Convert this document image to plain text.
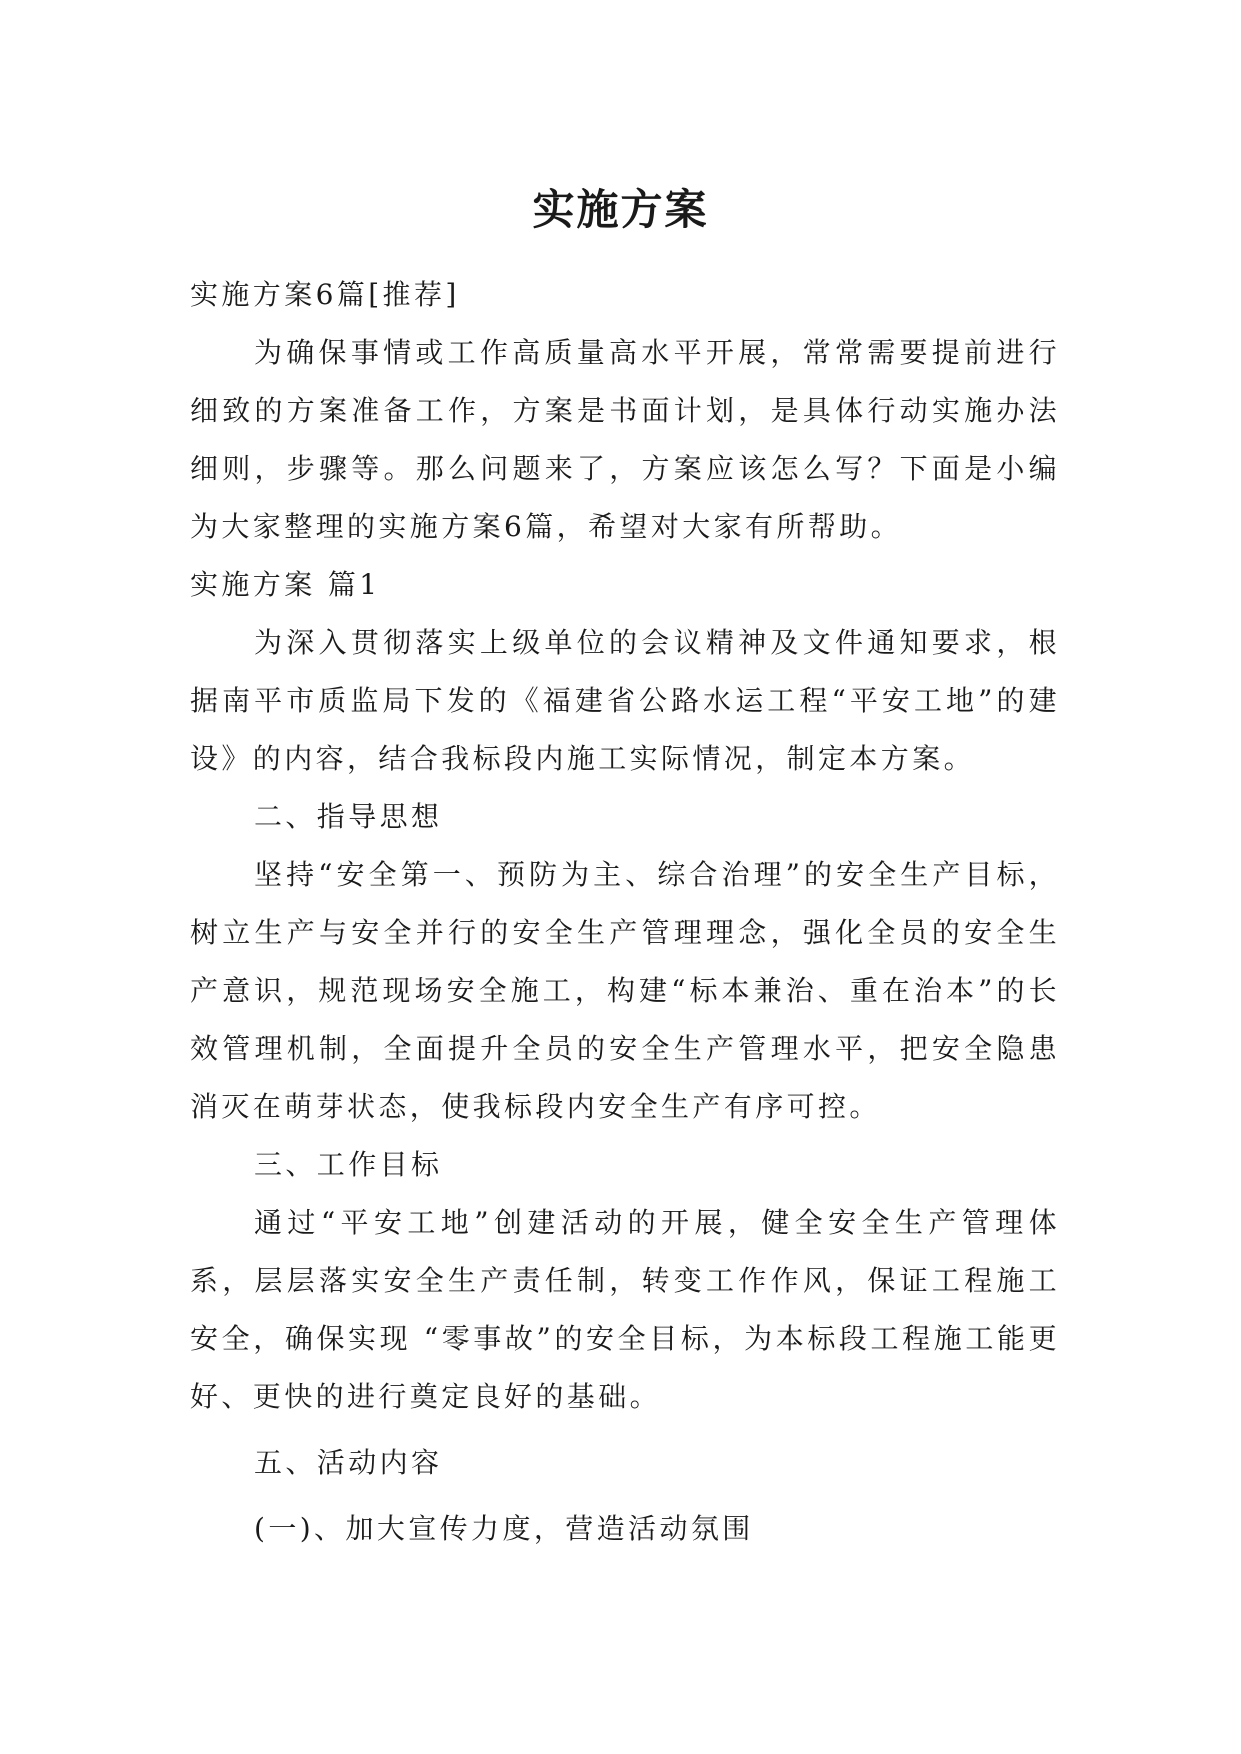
实施方案

实施方案6篇[推荐]

为确保事情或工作高质量高水平开展，常常需要提前进行细致的方案准备工作，方案是书面计划，是具体行动实施办法细则，步骤等。那么问题来了，方案应该怎么写？下面是小编为大家整理的实施方案6篇，希望对大家有所帮助。

实施方案 篇1

为深入贯彻落实上级单位的会议精神及文件通知要求，根据南平市质监局下发的《福建省公路水运工程“平安工地”的建设》的内容，结合我标段内施工实际情况，制定本方案。

二、指导思想

坚持“安全第一、预防为主、综合治理”的安全生产目标，树立生产与安全并行的安全生产管理理念，强化全员的安全生产意识，规范现场安全施工，构建“标本兼治、重在治本”的长效管理机制，全面提升全员的安全生产管理水平，把安全隐患消灭在萌芽状态，使我标段内安全生产有序可控。

三、工作目标

通过“平安工地”创建活动的开展，健全安全生产管理体系，层层落实安全生产责任制，转变工作作风，保证工程施工安全，确保实现 “零事故”的安全目标，为本标段工程施工能更好、更快的进行奠定良好的基础。

五、活动内容

(一)、加大宣传力度，营造活动氛围
